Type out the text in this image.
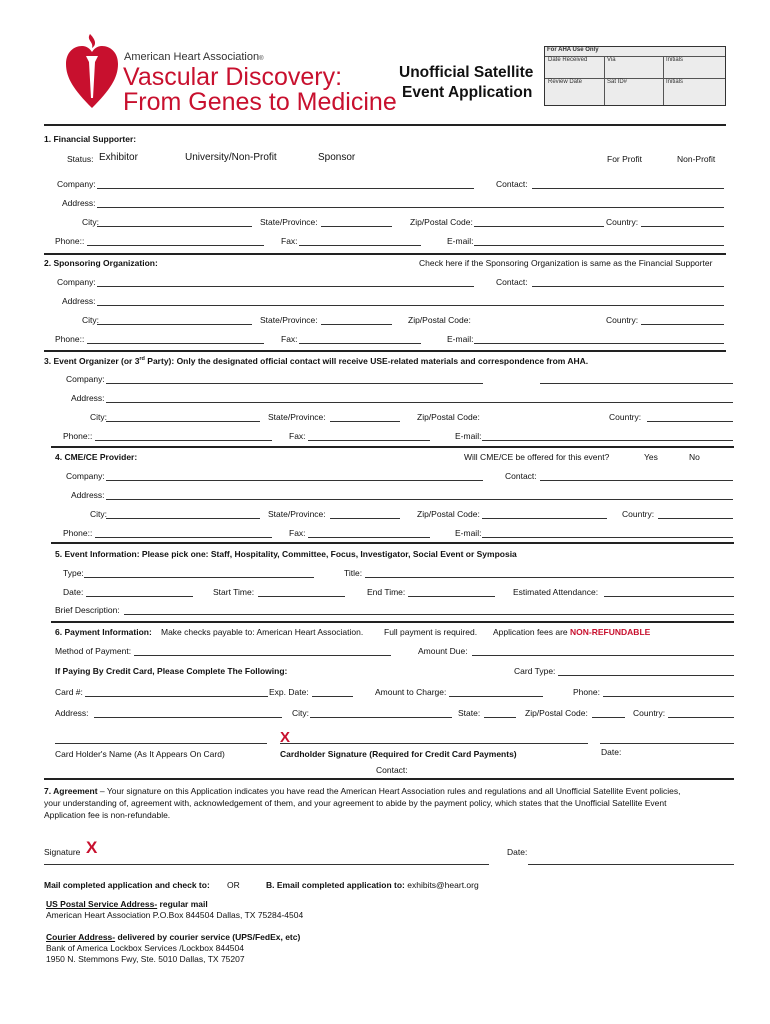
American Heart Association®
Vascular Discovery:
From Genes to Medicine
Unofficial Satellite
Event Application
For AHA Use Only
Date Received	Via	Initials
Review Date	Sat ID#	Initials
1. Financial Supporter:
Status: Exhibitor	University/Non-Profit	Sponsor	For Profit	Non-Profit
Company:	Contact:
Address:
City:	State/Province:	Zip/Postal Code:	Country:
Phone::	Fax:	E-mail:
2. Sponsoring Organization:	Check here if the Sponsoring Organization is same as the Financial Supporter
Company:	Contact:
Address:
City:	State/Province:	Zip/Postal Code:	Country:
Phone::	Fax:	E-mail:
3. Event Organizer (or 3rd Party): Only the designated official contact will receive USE-related materials and correspondence from AHA.
Company:
Address:
City:	State/Province:	Zip/Postal Code:	Country:
Phone::	Fax:	E-mail:
4. CME/CE Provider:	Will CME/CE be offered for this event?	Yes	No
Company:	Contact:
Address:
City:	State/Province:	Zip/Postal Code:	Country:
Phone::	Fax:	E-mail:
5. Event Information: Please pick one: Staff, Hospitality, Committee, Focus, Investigator, Social Event or Symposia
Type:	Title:
Date:	Start Time:	End Time:	Estimated Attendance:
Brief Description:
6. Payment Information: Make checks payable to: American Heart Association. Full payment is required. Application fees are NON-REFUNDABLE
Method of Payment:	Amount Due:
If Paying By Credit Card, Please Complete The Following:	Card Type:
Card #:	Exp. Date:	Amount to Charge:	Phone:
Address:	City:	State:	Zip/Postal Code:	Country:
X
Card Holder's Name (As It Appears On Card)	Cardholder Signature (Required for Credit Card Payments)	Date:
Contact:
7. Agreement – Your signature on this Application indicates you have read the American Heart Association rules and regulations and all Unofficial Satellite Event policies,
your understanding of, agreement with, acknowledgement of them, and your agreement to abide by the payment policy, which states that the Unofficial Satellite Event
Application fee is non-refundable.
Signature X	Date:
Mail completed application and check to: OR	B. Email completed application to: exhibits@heart.org
US Postal Service Address- regular mail
American Heart Association P.O.Box 844504 Dallas, TX 75284-4504
Courier Address- delivered by courier service (UPS/FedEx, etc)
Bank of America Lockbox Services /Lockbox 844504
1950 N. Stemmons Fwy, Ste. 5010 Dallas, TX 75207
